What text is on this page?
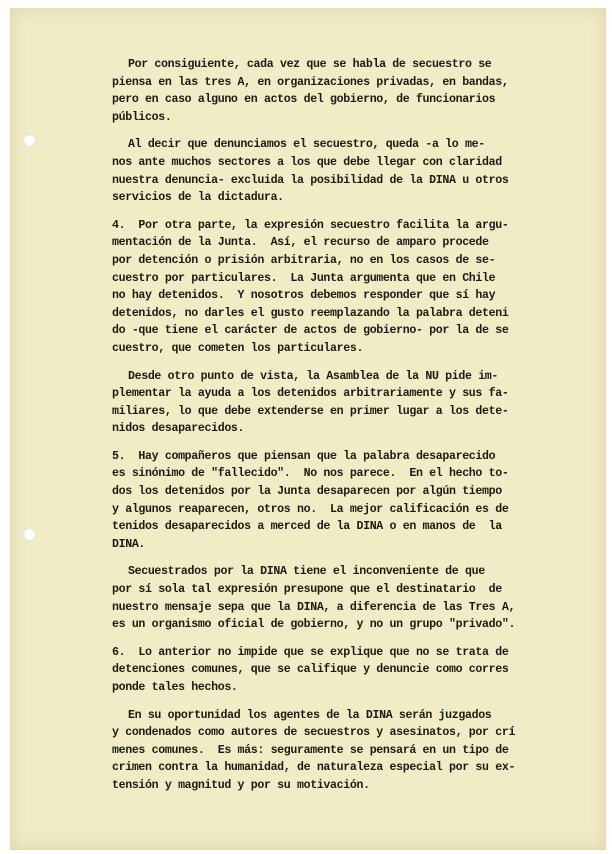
Por consiguiente, cada vez que se habla de secuestro se
piensa en las tres A, en organizaciones privadas, en bandas,
pero en caso alguno en actos del gobierno, de funcionarios
públicos.
Al decir que denunciamos el secuestro, queda -a lo me-
nos ante muchos sectores a los que debe llegar con claridad
nuestra denuncia- excluida la posibilidad de la DINA u otros
servicios de la dictadura.
4.  Por otra parte, la expresión secuestro facilita la argu-
mentación de la Junta.  Así, el recurso de amparo procede
por detención o prisión arbitraria, no en los casos de se-
cuestro por particulares.  La Junta argumenta que en Chile
no hay detenidos.  Y nosotros debemos responder que sí hay
detenidos, no darles el gusto reemplazando la palabra deteni
do -que tiene el carácter de actos de gobierno- por la de se
cuestro, que cometen los particulares.
Desde otro punto de vista, la Asamblea de la NU pide im-
plementar la ayuda a los detenidos arbitrariamente y sus fa-
miliares, lo que debe extenderse en primer lugar a los dete-
nidos desaparecidos.
5.  Hay compañeros que piensan que la palabra desaparecido
es sinónimo de "fallecido".  No nos parece.  En el hecho to-
dos los detenidos por la Junta desaparecen por algún tiempo
y algunos reaparecen, otros no.  La mejor calificación es de
tenidos desaparecidos a merced de la DINA o en manos de  la
DINA.
Secuestrados por la DINA tiene el inconveniente de que
por sí sola tal expresión presupone que el destinatario  de
nuestro mensaje sepa que la DINA, a diferencia de las Tres A,
es un organismo oficial de gobierno, y no un grupo "privado".
6.  Lo anterior no impide que se explique que no se trata de
detenciones comunes, que se califique y denuncie como corres
ponde tales hechos.
En su oportunidad los agentes de la DINA serán juzgados
y condenados como autores de secuestros y asesinatos, por crí
menes comunes.  Es más: seguramente se pensará en un tipo de
crimen contra la humanidad, de naturaleza especial por su ex-
tensión y magnitud y por su motivación.
